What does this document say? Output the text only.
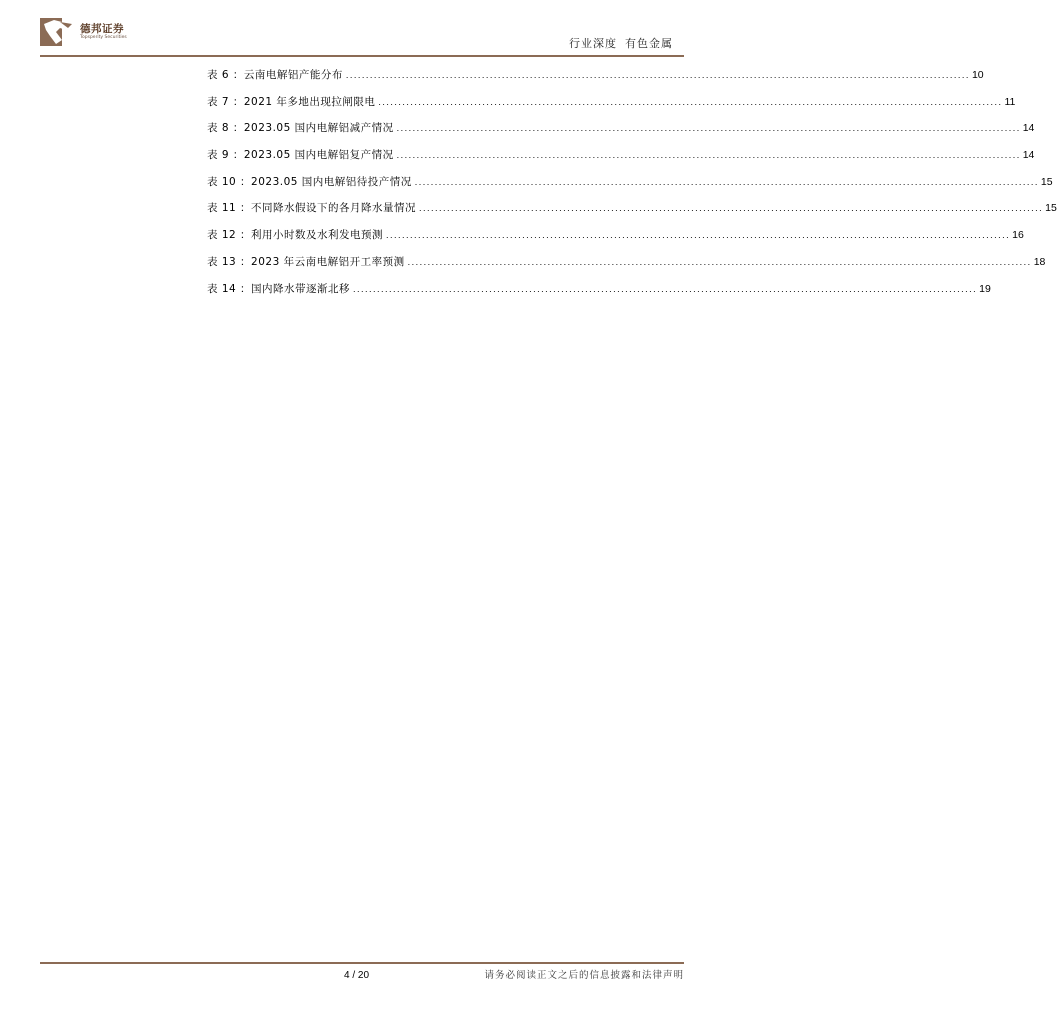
德邦证券
Topsperity Securities	行业深度 有色金属
表 6 ：云南电解铝产能分布 ............................................................................................................................................................ 10
表 7 ：2021 年多地出现拉闸限电 ............................................................................................................................................................ 11
表 8 ：2023.05 国内电解铝减产情况 ............................................................................................................................................................ 14
表 9 ：2023.05 国内电解铝复产情况 ............................................................................................................................................................ 14
表 10 ：2023.05 国内电解铝待投产情况 ............................................................................................................................................................ 15
表 11 ：不同降水假设下的各月降水量情况 ............................................................................................................................................................ 15
表 12 ：利用小时数及水利发电预测 ............................................................................................................................................................ 16
表 13 ：2023 年云南电解铝开工率预测 ............................................................................................................................................................ 18
表 14 ：国内降水带逐渐北移 ............................................................................................................................................................ 19
4 / 20	请务必阅读正文之后的信息披露和法律声明
